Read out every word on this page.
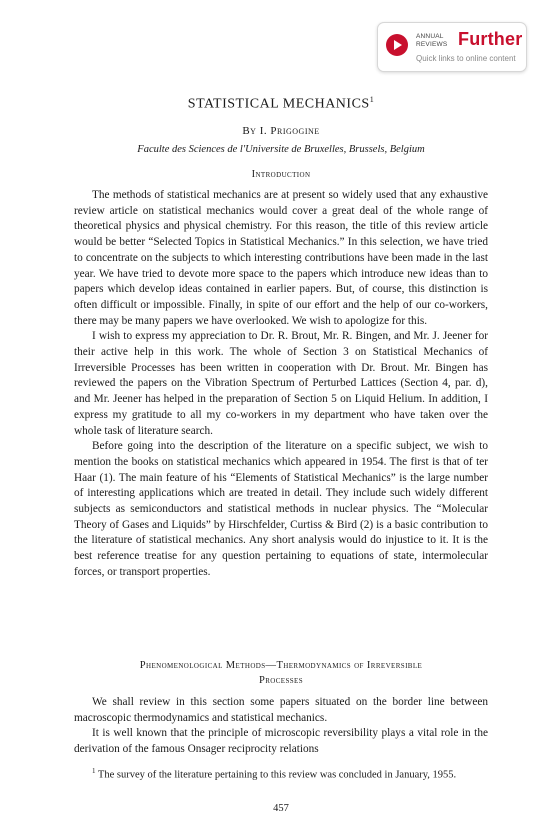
ANNUAL
REVIEWS Further
Quick links to online content
STATISTICAL MECHANICS$^1$
By I. Prigogine
Faculte des Sciences de l'Universite de Bruxelles, Brussels, Belgium
Introduction

The methods of statistical mechanics are at present so widely used that any exhaustive review article on statistical mechanics would cover a great deal of the whole range of theoretical physics and physical chemistry. For this reason, the title of this review article would be better “Selected Topics in Statistical Mechanics.” In this selection, we have tried to concentrate on the subjects to which interesting contributions have been made in the last year. We have tried to devote more space to the papers which introduce new ideas than to papers which develop ideas contained in earlier papers. But, of course, this distinction is often difficult or impossible. Finally, in spite of our effort and the help of our co-workers, there may be many papers we have overlooked. We wish to apologize for this.

I wish to express my appreciation to Dr. R. Brout, Mr. R. Bingen, and Mr. J. Jeener for their active help in this work. The whole of Section 3 on Statistical Mechanics of Irreversible Processes has been written in cooperation with Dr. Brout. Mr. Bingen has reviewed the papers on the Vibration Spectrum of Perturbed Lattices (Section 4, par. d), and Mr. Jeener has helped in the preparation of Section 5 on Liquid Helium. In addition, I express my gratitude to all my co-workers in my department who have taken over the whole task of literature search.

Before going into the description of the literature on a specific subject, we wish to mention the books on statistical mechanics which appeared in 1954. The first is that of ter Haar (1). The main feature of his “Elements of Statistical Mechanics” is the large number of interesting applications which are treated in detail. They include such widely different subjects as semiconductors and statistical methods in nuclear physics. The “Molecular Theory of Gases and Liquids” by Hirschfelder, Curtiss & Bird (2) is a basic contribution to the literature of statistical mechanics. Any short analysis would do injustice to it. It is the best reference treatise for any question pertaining to equations of state, intermolecular forces, or transport properties.

Phenomenological Methods—Thermodynamics of Irreversible
Processes

We shall review in this section some papers situated on the border line between macroscopic thermodynamics and statistical mechanics.

It is well known that the principle of microscopic reversibility plays a vital role in the derivation of the famous Onsager reciprocity relations

$^1$ The survey of the literature pertaining to this review was concluded in January, 1955.
457
